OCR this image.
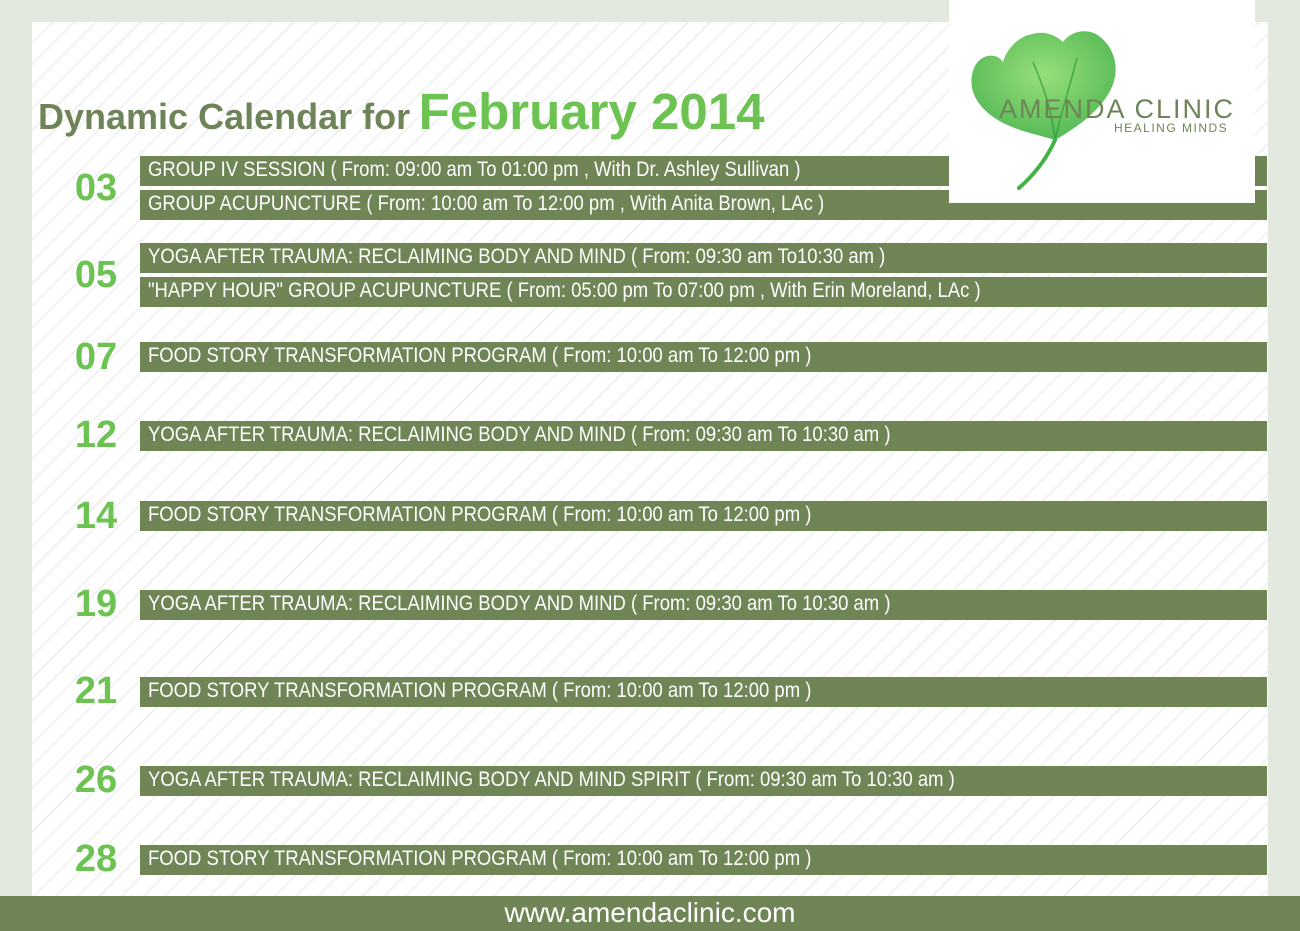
Dynamic Calendar for February 2014
03
05
07
12
14
19
21
26
28
GROUP IV SESSION ( From: 09:00 am To 01:00 pm , With Dr. Ashley Sullivan )
GROUP ACUPUNCTURE ( From: 10:00 am To 12:00 pm , With Anita Brown, LAc )
YOGA AFTER TRAUMA: RECLAIMING BODY AND MIND ( From: 09:30 am To10:30 am )
"HAPPY HOUR" GROUP ACUPUNCTURE ( From: 05:00 pm To 07:00 pm , With Erin Moreland, LAc )
FOOD STORY TRANSFORMATION PROGRAM ( From: 10:00 am To 12:00 pm )
YOGA AFTER TRAUMA: RECLAIMING BODY AND MIND ( From: 09:30 am To 10:30 am )
FOOD STORY TRANSFORMATION PROGRAM ( From: 10:00 am To 12:00 pm )
YOGA AFTER TRAUMA: RECLAIMING BODY AND MIND ( From: 09:30 am To 10:30 am )
FOOD STORY TRANSFORMATION PROGRAM ( From: 10:00 am To 12:00 pm )
YOGA AFTER TRAUMA: RECLAIMING BODY AND MIND SPIRIT ( From: 09:30 am To 10:30 am )
FOOD STORY TRANSFORMATION PROGRAM ( From: 10:00 am To 12:00 pm )
AMENDA CLINIC
HEALING MINDS
www.amendaclinic.com
